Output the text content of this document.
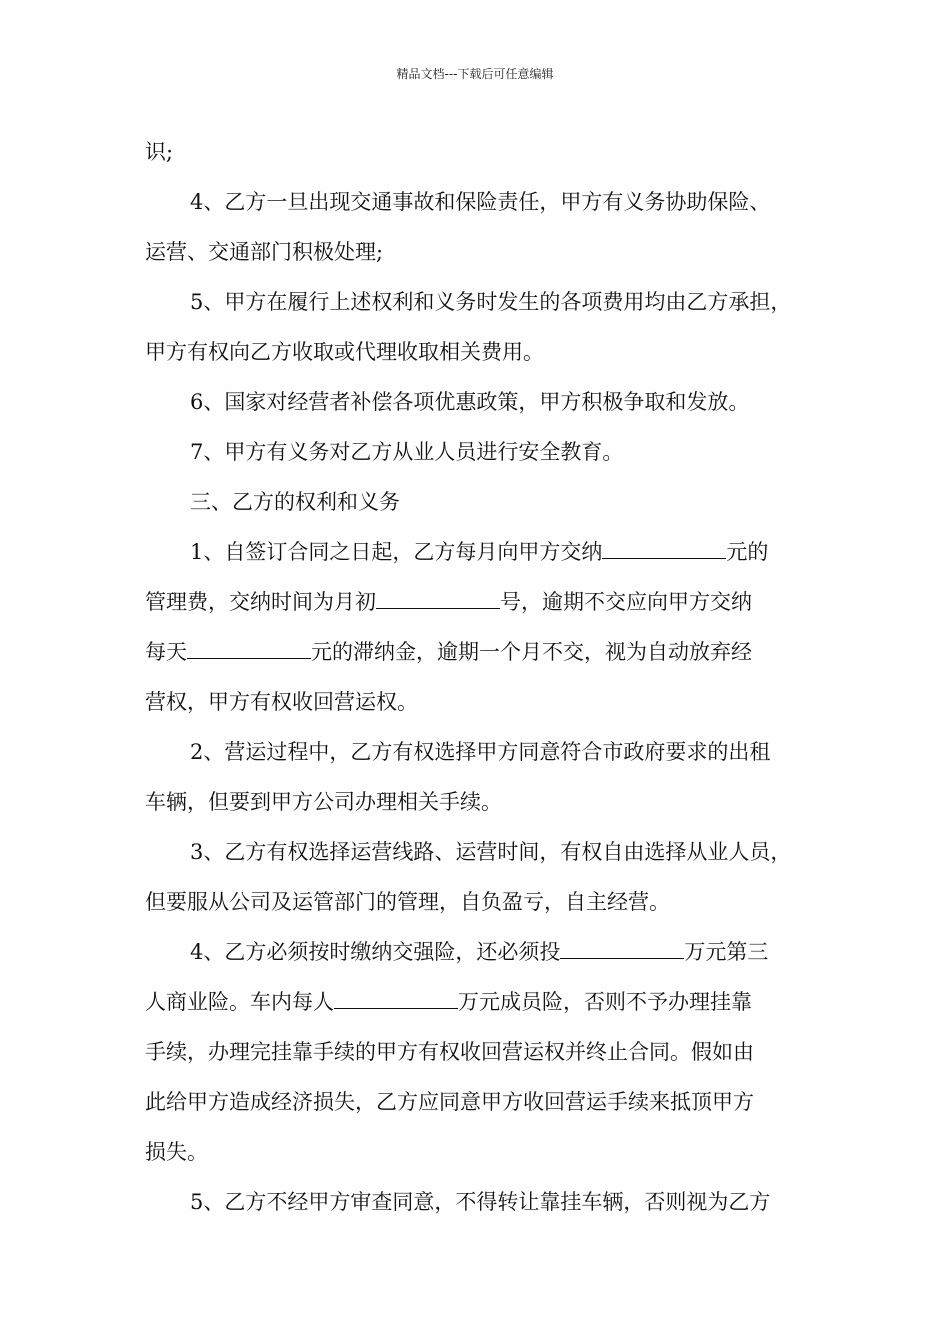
精品文档---下载后可任意编辑
识;
4、乙方一旦出现交通事故和保险责任，甲方有义务协助保险、
运营、交通部门积极处理;
5、甲方在履行上述权利和义务时发生的各项费用均由乙方承担，
甲方有权向乙方收取或代理收取相关费用。
6、国家对经营者补偿各项优惠政策，甲方积极争取和发放。
7、甲方有义务对乙方从业人员进行安全教育。
三、乙方的权利和义务
1、自签订合同之日起，乙方每月向甲方交纳	元的
管理费，交纳时间为月初	号，逾期不交应向甲方交纳
每天	元的滞纳金，逾期一个月不交，视为自动放弃经
营权，甲方有权收回营运权。
2、营运过程中，乙方有权选择甲方同意符合市政府要求的出租
车辆，但要到甲方公司办理相关手续。
3、乙方有权选择运营线路、运营时间，有权自由选择从业人员，
但要服从公司及运管部门的管理，自负盈亏，自主经营。
4、乙方必须按时缴纳交强险，还必须投	万元第三
人商业险。车内每人	万元成员险，否则不予办理挂靠
手续，办理完挂靠手续的甲方有权收回营运权并终止合同。假如由
此给甲方造成经济损失，乙方应同意甲方收回营运手续来抵顶甲方
损失。
5、乙方不经甲方审查同意，不得转让靠挂车辆，否则视为乙方
